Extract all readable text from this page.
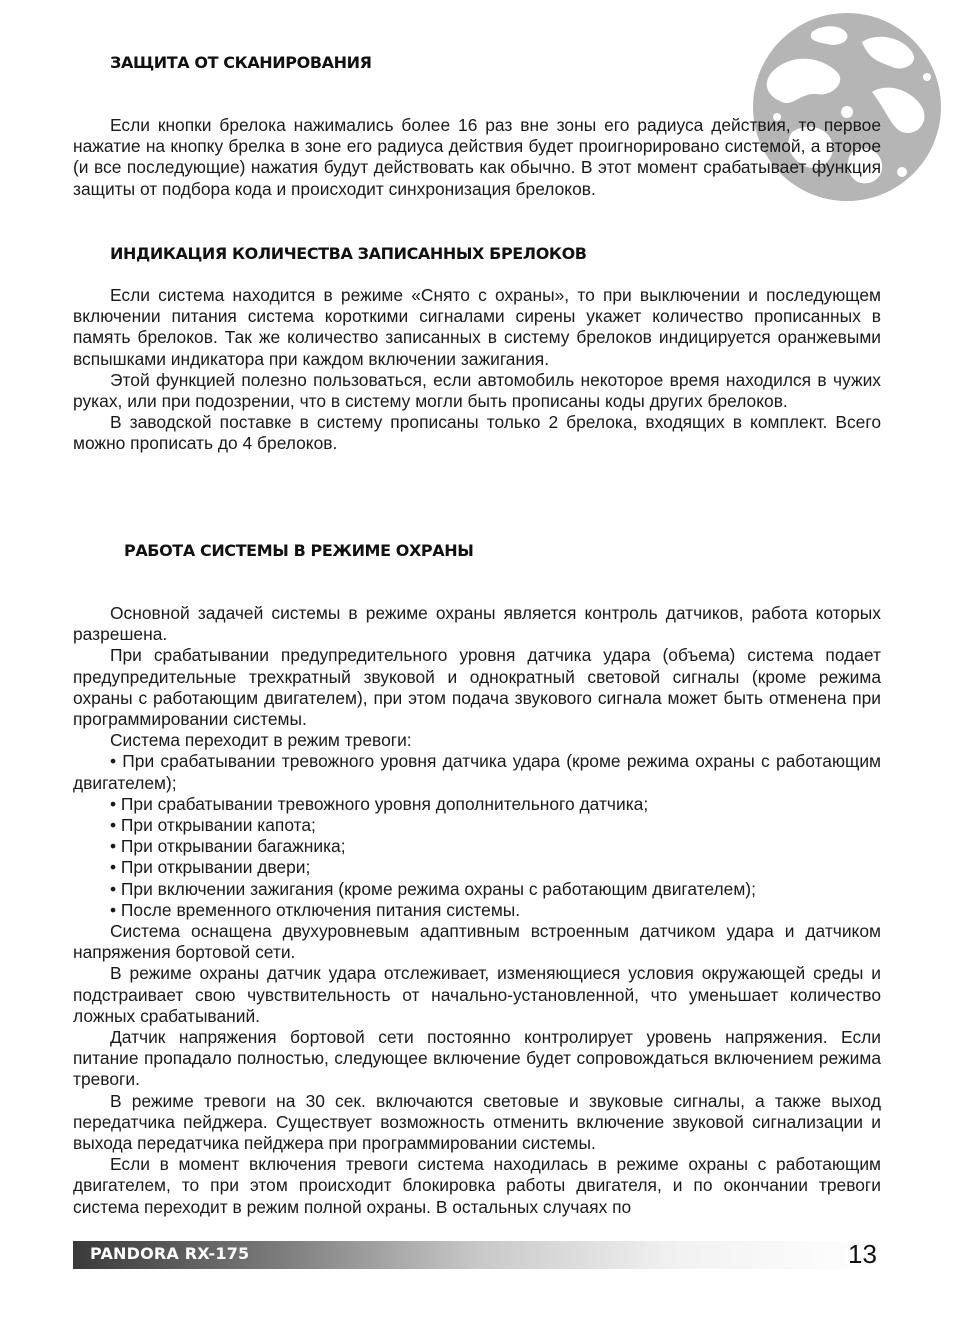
ЗАЩИТА ОТ СКАНИРОВАНИЯ

Если кнопки брелока нажимались более 16 раз вне зоны его радиуса действия, то первое нажатие на кнопку брелка в зоне его радиуса действия будет проигнорировано системой, а второе (и все последующие) нажатия будут действовать как обычно. В этот момент срабатывает функция защиты от подбора кода и происходит синхронизация брелоков.

ИНДИКАЦИЯ КОЛИЧЕСТВА ЗАПИСАННЫХ БРЕЛОКОВ

Если система находится в режиме «Снято с охраны», то при выключении и последующем включении питания система короткими сигналами сирены укажет количество прописанных в память брелоков. Так же количество записанных в систему брелоков индицируется оранжевыми вспышками индикатора при каждом включении зажигания.

Этой функцией полезно пользоваться, если автомобиль некоторое время находился в чужих руках, или при подозрении, что в систему могли быть прописаны коды других брелоков.

В заводской поставке в систему прописаны только 2 брелока, входящих в комплект. Всего можно прописать до 4 брелоков.

РАБОТА СИСТЕМЫ В РЕЖИМЕ ОХРАНЫ

Основной задачей системы в режиме охраны является контроль датчиков, работа которых разрешена.

При срабатывании предупредительного уровня датчика удара (объема) система подает предупредительные трехкратный звуковой и однократный световой сигналы (кроме режима охраны с работающим двигателем), при этом подача звукового сигнала может быть отменена при программировании системы.

Система переходит в режим тревоги:

• При срабатывании тревожного уровня датчика удара (кроме режима охраны с работающим двигателем);

• При срабатывании тревожного уровня дополнительного датчика;

• При открывании капота;

• При открывании багажника;

• При открывании двери;

• При включении зажигания (кроме режима охраны с работающим двигателем);

• После временного отключения питания системы.

Система оснащена двухуровневым адаптивным встроенным датчиком удара и датчиком напряжения бортовой сети.

В режиме охраны датчик удара отслеживает, изменяющиеся условия окружающей среды и подстраивает свою чувствительность от начально-установленной, что уменьшает количество ложных срабатываний.

Датчик напряжения бортовой сети постоянно контролирует уровень напряжения. Если питание пропадало полностью, следующее включение будет сопровождаться включением режима тревоги.

В режиме тревоги на 30 сек. включаются световые и звуковые сигналы, а также выход передатчика пейджера. Существует возможность отменить включение звуковой сигнализации и выхода передатчика пейджера при программировании системы.

Если в момент включения тревоги система находилась в режиме охраны с работающим двигателем, то при этом происходит блокировка работы двигателя, и по окончании тревоги система переходит в режим полной охраны. В остальных случаях по

PANDORA RX-175	13
